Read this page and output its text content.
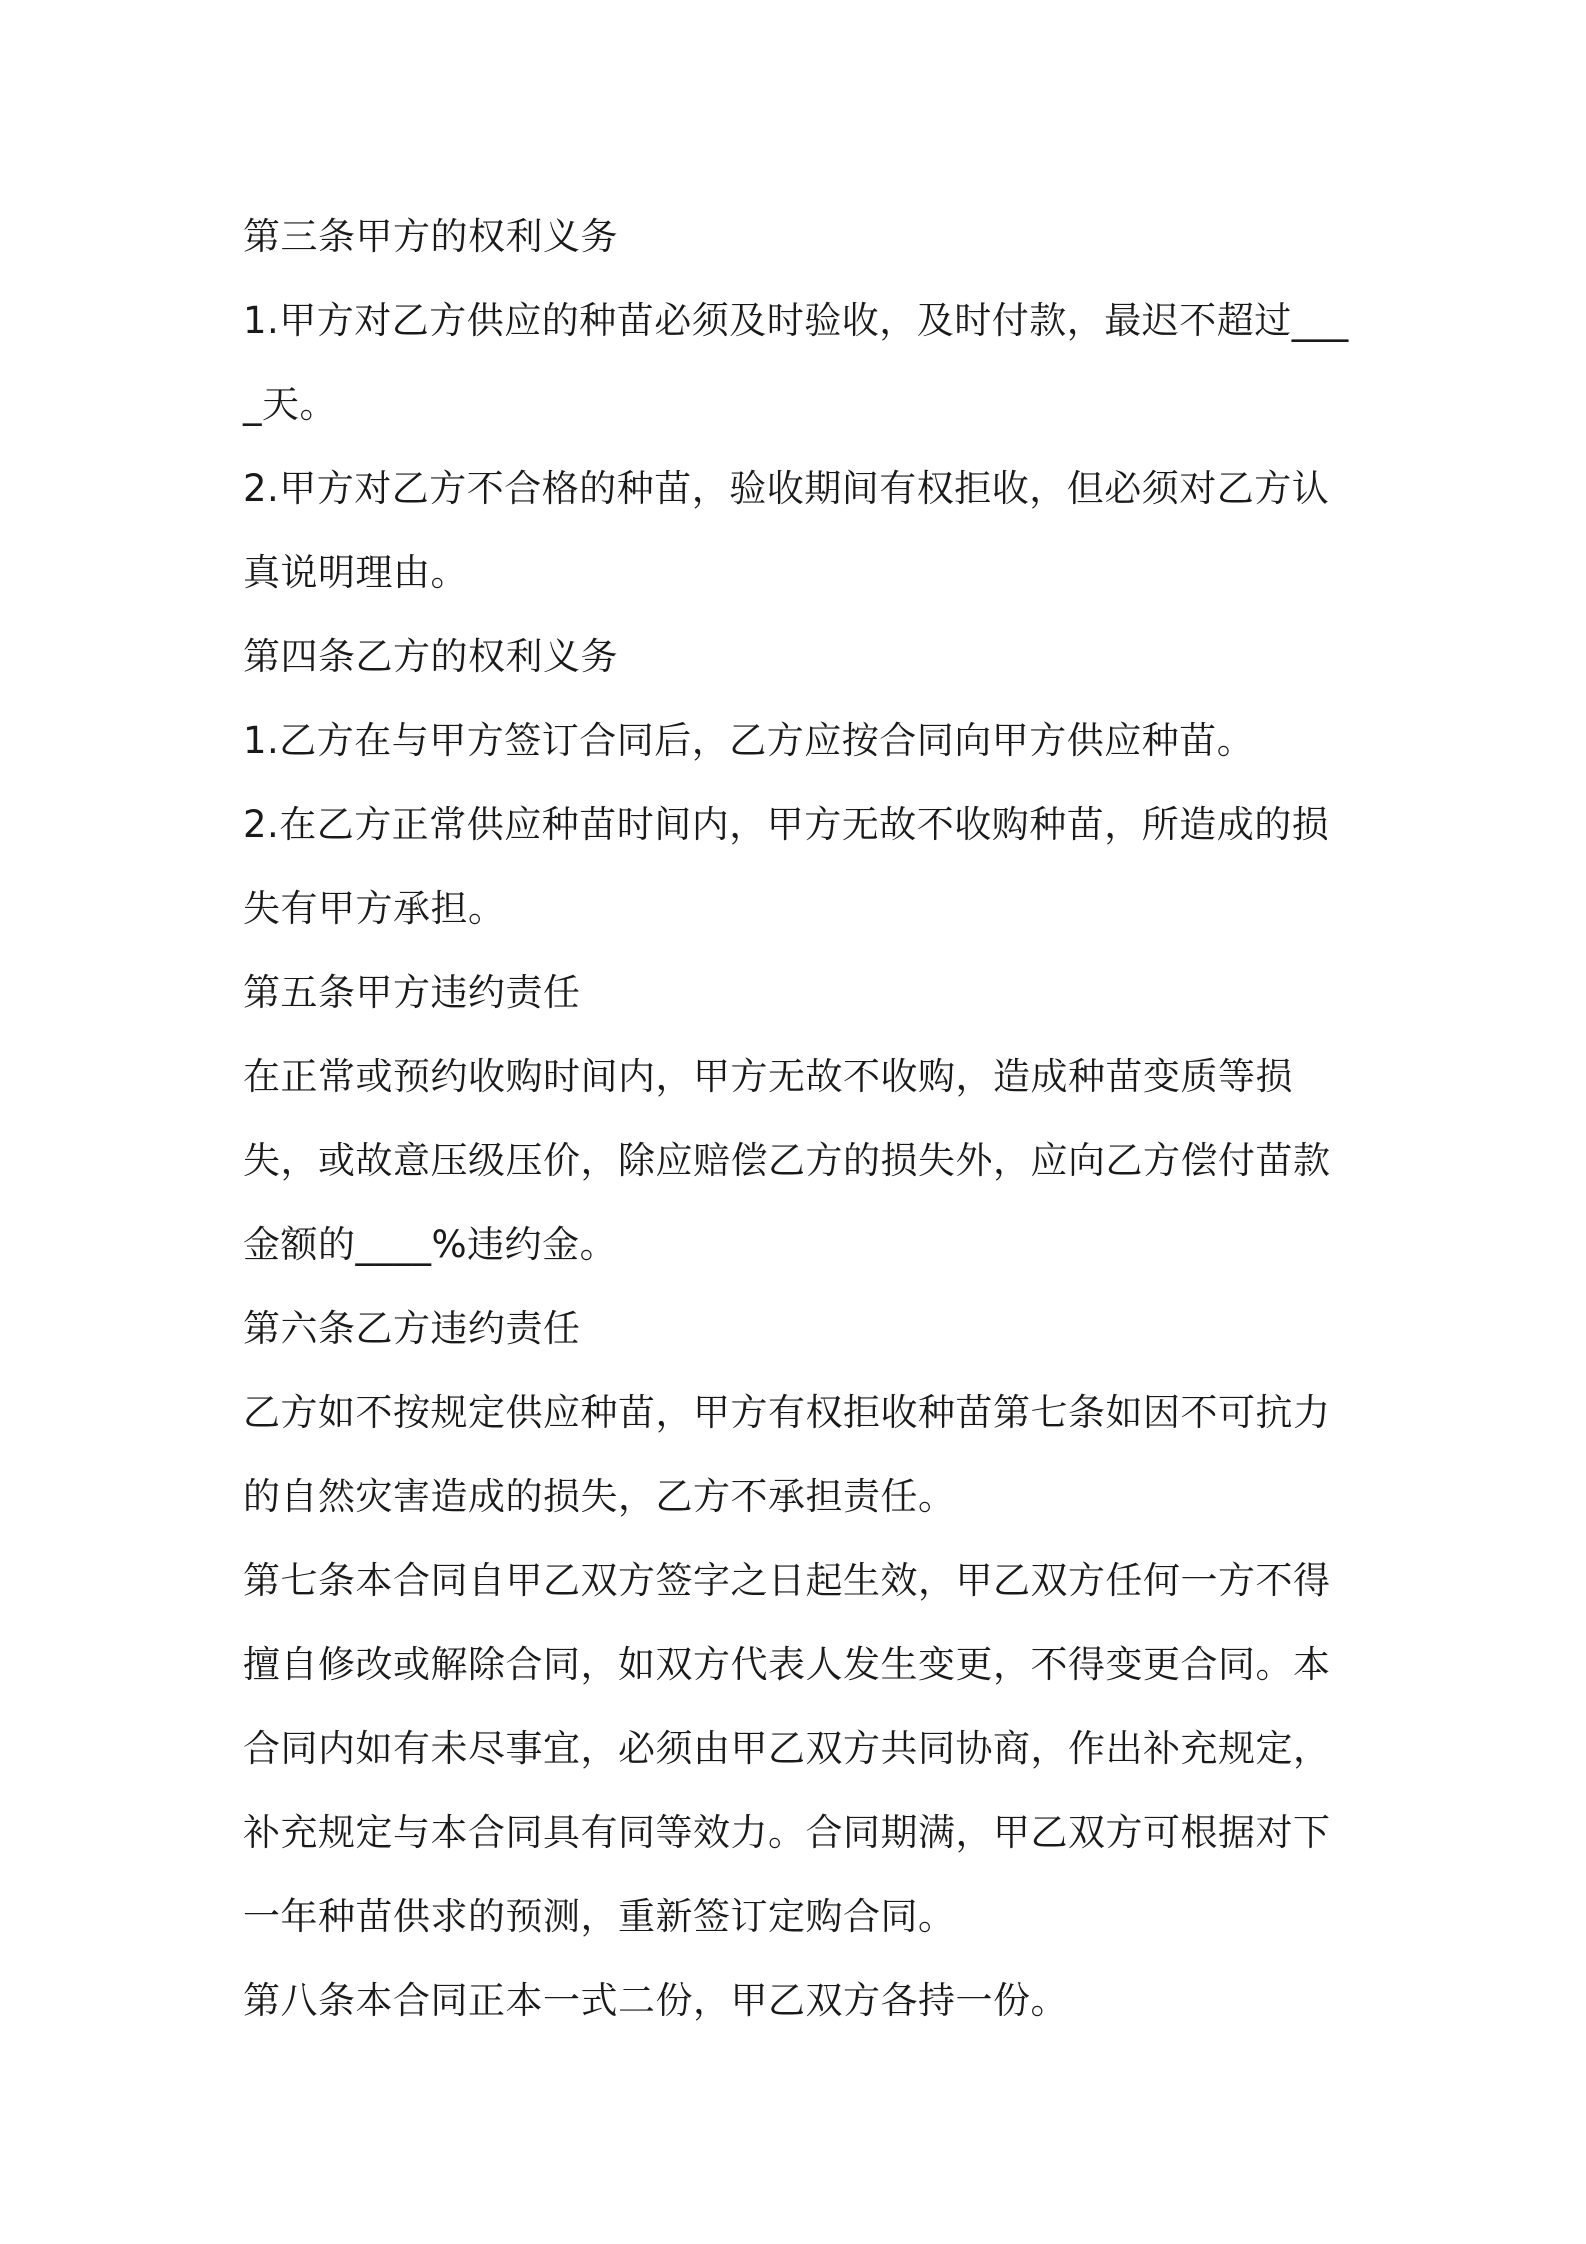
第三条甲方的权利义务

1.甲方对乙方供应的种苗必须及时验收，及时付款，最迟不超过____天。

2.甲方对乙方不合格的种苗，验收期间有权拒收，但必须对乙方认真说明理由。

第四条乙方的权利义务

1.乙方在与甲方签订合同后，乙方应按合同向甲方供应种苗。

2.在乙方正常供应种苗时间内，甲方无故不收购种苗，所造成的损失有甲方承担。

第五条甲方违约责任

在正常或预约收购时间内，甲方无故不收购，造成种苗变质等损失，或故意压级压价，除应赔偿乙方的损失外，应向乙方偿付苗款金额的____%违约金。

第六条乙方违约责任

乙方如不按规定供应种苗，甲方有权拒收种苗第七条如因不可抗力的自然灾害造成的损失，乙方不承担责任。

第七条本合同自甲乙双方签字之日起生效，甲乙双方任何一方不得擅自修改或解除合同，如双方代表人发生变更，不得变更合同。本合同内如有未尽事宜，必须由甲乙双方共同协商，作出补充规定，补充规定与本合同具有同等效力。合同期满，甲乙双方可根据对下一年种苗供求的预测，重新签订定购合同。

第八条本合同正本一式二份，甲乙双方各持一份。
